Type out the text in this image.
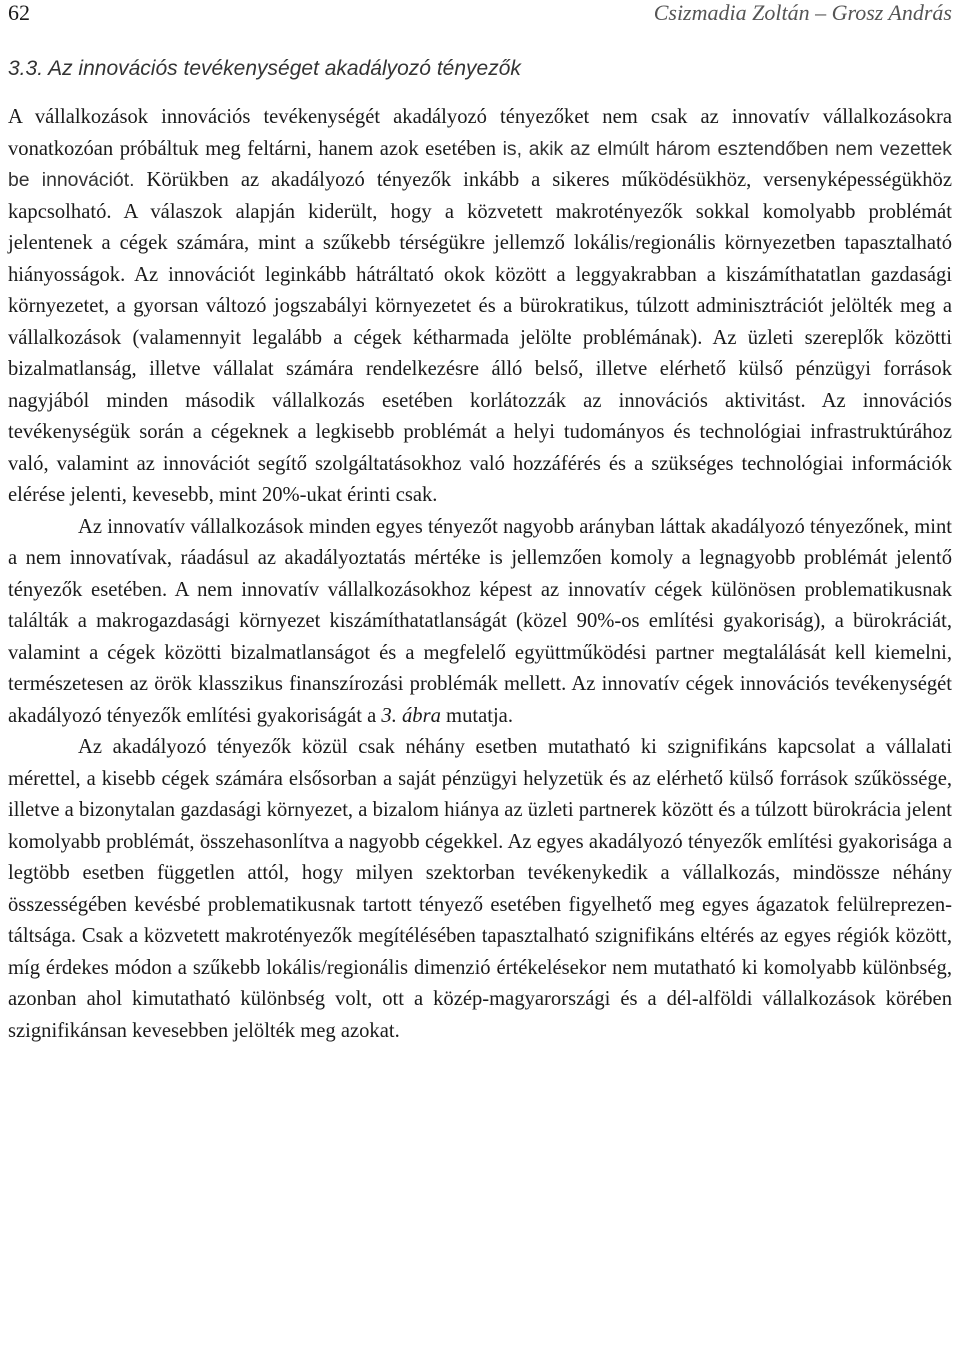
62	Csizmadia Zoltán – Grosz András
3.3. Az innovációs tevékenységet akadályozó tényezők

A vállalkozások innovációs tevékenységét akadályozó tényezőket nem csak az innovatív vállalkozásokra vonatkozóan próbáltuk meg feltárni, hanem azok esetében is, akik az elmúlt három esztendőben nem vezettek be innovációt. Körükben az akadályozó tényezők inkább a sikeres működésükhöz, versenyképességükhöz kapcsolható. A válaszok alapján kiderült, hogy a közvetett makrotényezők sokkal komolyabb problémát jelentenek a cégek számára, mint a szűkebb térségükre jellemző lokális/regionális környezetben tapasztalható hiányosságok. Az innovációt leginkább hátráltató okok között a leggyakrabban a kiszámíthatatlan gazdasági környezetet, a gyorsan változó jogszabályi környezetet és a bürokratikus, túlzott adminisztrációt jelölték meg a vállalkozások (valamennyit legalább a cégek kétharmada jelölte problémának). Az üzleti szereplők közötti bizalmatlanság, illetve vállalat számára rendelkezésre álló belső, illetve elérhető külső pénzügyi források nagyjából minden második vállalkozás esetében korlátozzák az innovációs aktivitást. Az innovációs tevékenységük során a cégeknek a legkisebb problémát a helyi tudományos és technológiai infrastruktúrához való, valamint az innovációt segítő szolgáltatásokhoz való hozzáférés és a szükséges technológiai információk elérése jelenti, kevesebb, mint 20%-ukat érinti csak.

Az innovatív vállalkozások minden egyes tényezőt nagyobb arányban láttak akadályozó tényezőnek, mint a nem innovatívak, ráadásul az akadályoztatás mértéke is jellemzően komoly a legnagyobb problémát jelentő tényezők esetében. A nem innovatív vállalkozásokhoz képest az innovatív cégek különösen problematikusnak találták a makrogazdasági környezet kiszámíthatatlanságát (közel 90%-os említési gyakoriság), a bürokráciát, valamint a cégek közötti bizalmatlanságot és a megfelelő együttműködési partner megtalálását kell kiemelni, természetesen az örök klasszikus finanszírozási problémák mellett. Az innovatív cégek innovációs tevékenységét akadályozó tényezők említési gyakoriságát a 3. ábra mutatja.

Az akadályozó tényezők közül csak néhány esetben mutatható ki szignifikáns kapcsolat a vállalati mérettel, a kisebb cégek számára elsősorban a saját pénzügyi helyzetük és az elérhető külső források szűkössége, illetve a bizonytalan gazdasági környezet, a bizalom hiánya az üzleti partnerek között és a túlzott bürokrácia jelent komolyabb problémát, összehasonlítva a nagyobb cégekkel. Az egyes akadályozó tényezők említési gyakorisága a legtöbb esetben független attól, hogy milyen szektorban tevékenykedik a vállalkozás, mindössze néhány összességében kevésbé problematikusnak tartott tényező esetében figyelhető meg egyes ágazatok felülreprezentáltsága. Csak a közvetett makrotényezők megítélésében tapasztalható szignifikáns eltérés az egyes régiók között, míg érdekes módon a szűkebb lokális/regionális dimenzió értékelésekor nem mutatható ki komolyabb különbség, azonban ahol kimutatható különbség volt, ott a közép-magyarországi és a dél-alföldi vállalkozások körében szignifikánsan kevesebben jelölték meg azokat.
